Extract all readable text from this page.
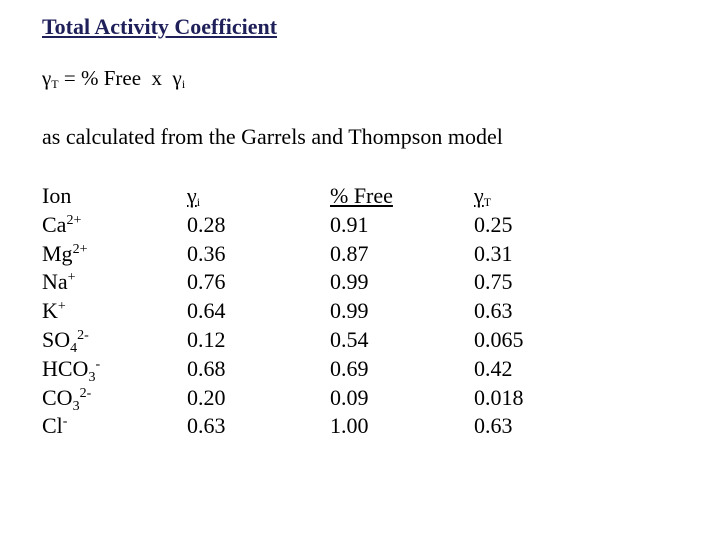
Total Activity Coefficient
$\gamma_T$ = % Free  x  $\gamma_i$
as calculated from the Garrels and Thompson model
Ion
$Ca^{2+}$
$Mg^{2+}$
Na+
K+
$SO_4^{2-}$
$HCO_3^-$
$CO_3^{2-}$
Cl-
$\gamma_i$
0.28
0.36
0.76
0.64
0.12
0.68
0.20
0.63
% Free
0.91
0.87
0.99
0.99
0.54
0.69
0.09
1.00
$\gamma_T$
0.25
0.31
0.75
0.63
0.065
0.42
0.018
0.63
